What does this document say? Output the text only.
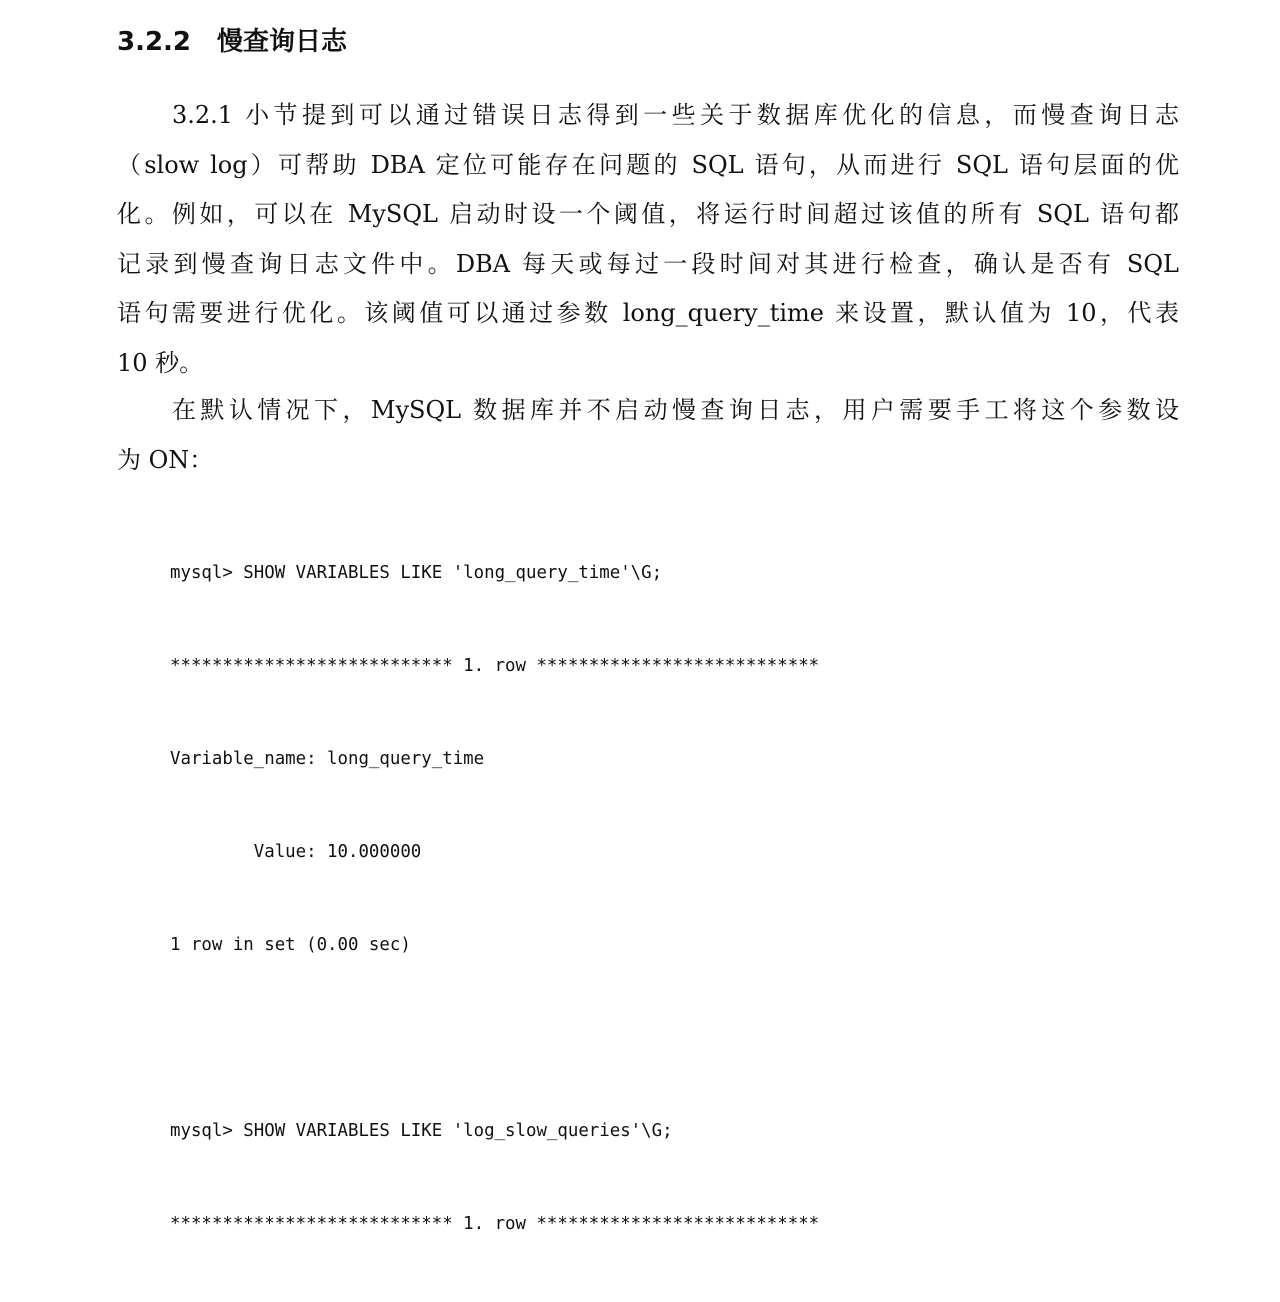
3.2.2 慢查询日志
3.2.1 小节提到可以通过错误日志得到一些关于数据库优化的信息，而慢查询日志
（slow log）可帮助 DBA 定位可能存在问题的 SQL 语句，从而进行 SQL 语句层面的优
化。例如，可以在 MySQL 启动时设一个阈值，将运行时间超过该值的所有 SQL 语句都
记录到慢查询日志文件中。DBA 每天或每过一段时间对其进行检查，确认是否有 SQL
语句需要进行优化。该阈值可以通过参数 long_query_time 来设置，默认值为 10，代表
10 秒。
在默认情况下，MySQL 数据库并不启动慢查询日志，用户需要手工将这个参数设
为 ON：

mysql> SHOW VARIABLES LIKE 'long_query_time'\G;

*************************** 1. row ***************************

Variable_name: long_query_time

Value: 10.000000

1 row in set (0.00 sec)

mysql> SHOW VARIABLES LIKE 'log_slow_queries'\G;

*************************** 1. row ***************************
